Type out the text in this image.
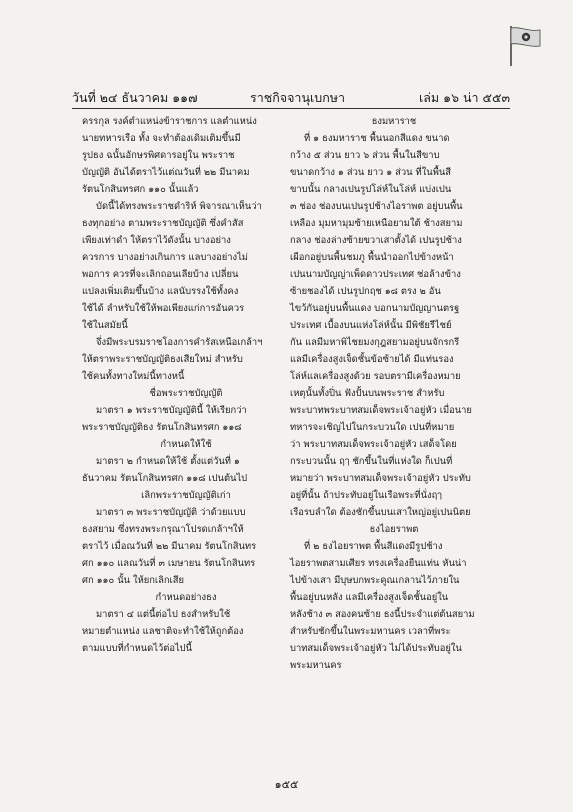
วันที่ ๒๔ ธันวาคม ๑๑๗	ราชกิจจานุเบกษา	เล่ม ๑๖ น่า ๕๕๓

ครรกุล รงค์ตำแหน่งข้าราชการ แลตำแหน่ง

นายทหารเรือ ทั้ง จะทำต้องเดิมเติมขึ้นมี

รูปธง ฉนั้นอักษรพิศดารอยู่ใน พระราช

บัญญัติ อันได้ตราไว้แต่ณวันที่ ๒๒ มีนาคม

รัตนโกสินทรศก ๑๑๐ นั้นแล้ว

บัดนี้ได้ทรงพระราชดำริห์ พิจารณาเห็นว่า

ธงทุกอย่าง ตามพระราชบัญญัติ ซึ่งคำสัส

เพียงเท่าดำ ให้ตราไว้ดังนั้น บางอย่าง

ควรการ บางอย่างเกินการ แลบางอย่างไม่

พอการ ควรที่จะเลิกถอนเลียบ้าง เปลี่ยน

แปลงเพิ่มเติมขึ้นบ้าง แลนับรรงใช้ทั้งคง

ใช้ได้ ลำหรับใช้ให้พอเพียงแก่การอันควร

ใช้ในสมัยนี้

จึ่งมีพระบรมราชโองการคำรัสเหนือเกล้าฯ

ให้ตราพระราชบัญญัติธงเสียใหม่ สำหรับ

ใช้คนทั้งทางใหม่นี้ทางหนี้

ชื่อพระราชบัญญัติ

มาตรา ๑ พระราชบัญญัตินี้ ให้เรียกว่า

พระราชบัญญัติธง รัตนโกสินทรศก ๑๑๘

กำหนดให้ใช้

มาตรา ๒ กำหนดให้ใช้ ตั้งแต่วันที่ ๑

ธันวาคม รัตนโกสินทรศก ๑๑๘ เปนต้นไป

เลิกพระราชบัญญัติเก่า

มาตรา ๓ พระราชบัญญัติ ว่าด้วยแบบ

ธงสยาม ซึ่งทรงพระกรุณาโปรดเกล้าฯให้

ตราไว้ เมื่อณวันที่ ๒๒ มีนาคม รัตนโกสินทร

ศก ๑๑๐ แลณวันที่ ๓ เมษายน รัตนโกสินทร

ศก ๑๑๐ นั้น ให้ยกเลิกเสีย

กำหนดอย่างธง

มาตรา ๔ แต่นี้ต่อไป ธงสำหรับใช้

หมายตำแหน่ง แลชาติจะทำใช้ให้ถูกต้อง

ตามแบบที่กำหนดไว้ต่อไปนี้

ธงมหาราช

ที่ ๑ ธงมหาราช พื้นนอกสีแดง ขนาด

กว้าง ๕ ส่วน ยาว ๖ ส่วน พื้นในสีขาบ

ขนาดกว้าง ๑ ส่วน ยาว ๑ ส่วน ที่ในพื้นสี

ขาบนั้น กลางเปนรูปโล่ห์ในโล่ห์ แบ่งเปน

๓ ช่อง ช่องบนเปนรูปช้างไอราพต อยู่บนพื้น

เหลือง มุมหามุมซ้ายเหนือยามใต้ ช้างสยาม

กลาง ช่องล่างซ้ายขวาเสาตั้งได้ เปนรูปช้าง

เผือกอยู่บนพื้นชมภู พื้นนำออกไปข้างหน้า

เปนนามบัญญ่าเพ็ดดาวประเทศ ช่อล้างข้าง

ซ้ายชองได้ เปนรูปกฤช ๑๘ ตรง ๒ อัน

ไขว้กันอยู่บนพื้นแดง บอกนามบัญญานตรฐ

ประเทศ เบื้องบนแห่งโล่ห์นั้น มีพิชัยรีไชย์

กัน แลมีมหาพิไชยมงกุฎสยามอยู่บนจักรกรี

แลมีเครื่องสูงเจ็ดชั้นข้อซ้ายได้ มีแท่นรอง

โล่ห์แลเครื่องสูงด้วย รอบตรามีเครื่องหมาย

เหตุนั้นทั้งปิ่น ฟังปั้นบนพระราช สำหรับ

พระบาทพระบาทสมเด็จพระเจ้าอยู่หัว เมื่อนาย

ทหารจะเชิญไปในกระบวนใด เปนที่หมาย

ว่า พระบาทสมเด็จพระเจ้าอยู่หัว เสด็จโดย

กระบวนนั้น ฤๅ ชักขึ้นในที่แห่งใด ก็เปนที่

หมายว่า พระบาทสมเด็จพระเจ้าอยู่หัว ประทับ

อยู่ที่นั้น ถ้าประทับอยู่ในเรือพระที่นั่งฤๅ

เรือรบลำใด ต้องชักขึ้นบนเสาใหญ่อยู่เปนนิตย

ธงไอยราพต

ที่ ๒ ธงไอยราพต พื้นสีแดงมีรูปช้าง

ไอยราพตสามเศียร ทรงเครื่องยืนแท่น หันน่า

ไปข้างเสา มีบุษบกพระคูณเกลานไว้ภายใน

พื้นอยู่บนหลัง แลมีเครื่องสูงเจ็ดชั้นอยู่ใน

หลังช้าง ๓ สองคนซ้าย ธงนี้ประจำแต่ต้นสยาม

สำหรับชักขึ้นในพระมหานคร เวลาที่พระ

บาทสมเด็จพระเจ้าอยู่หัว ไม่ได้ประทับอยู่ใน

พระมหานคร

๑๕๕
